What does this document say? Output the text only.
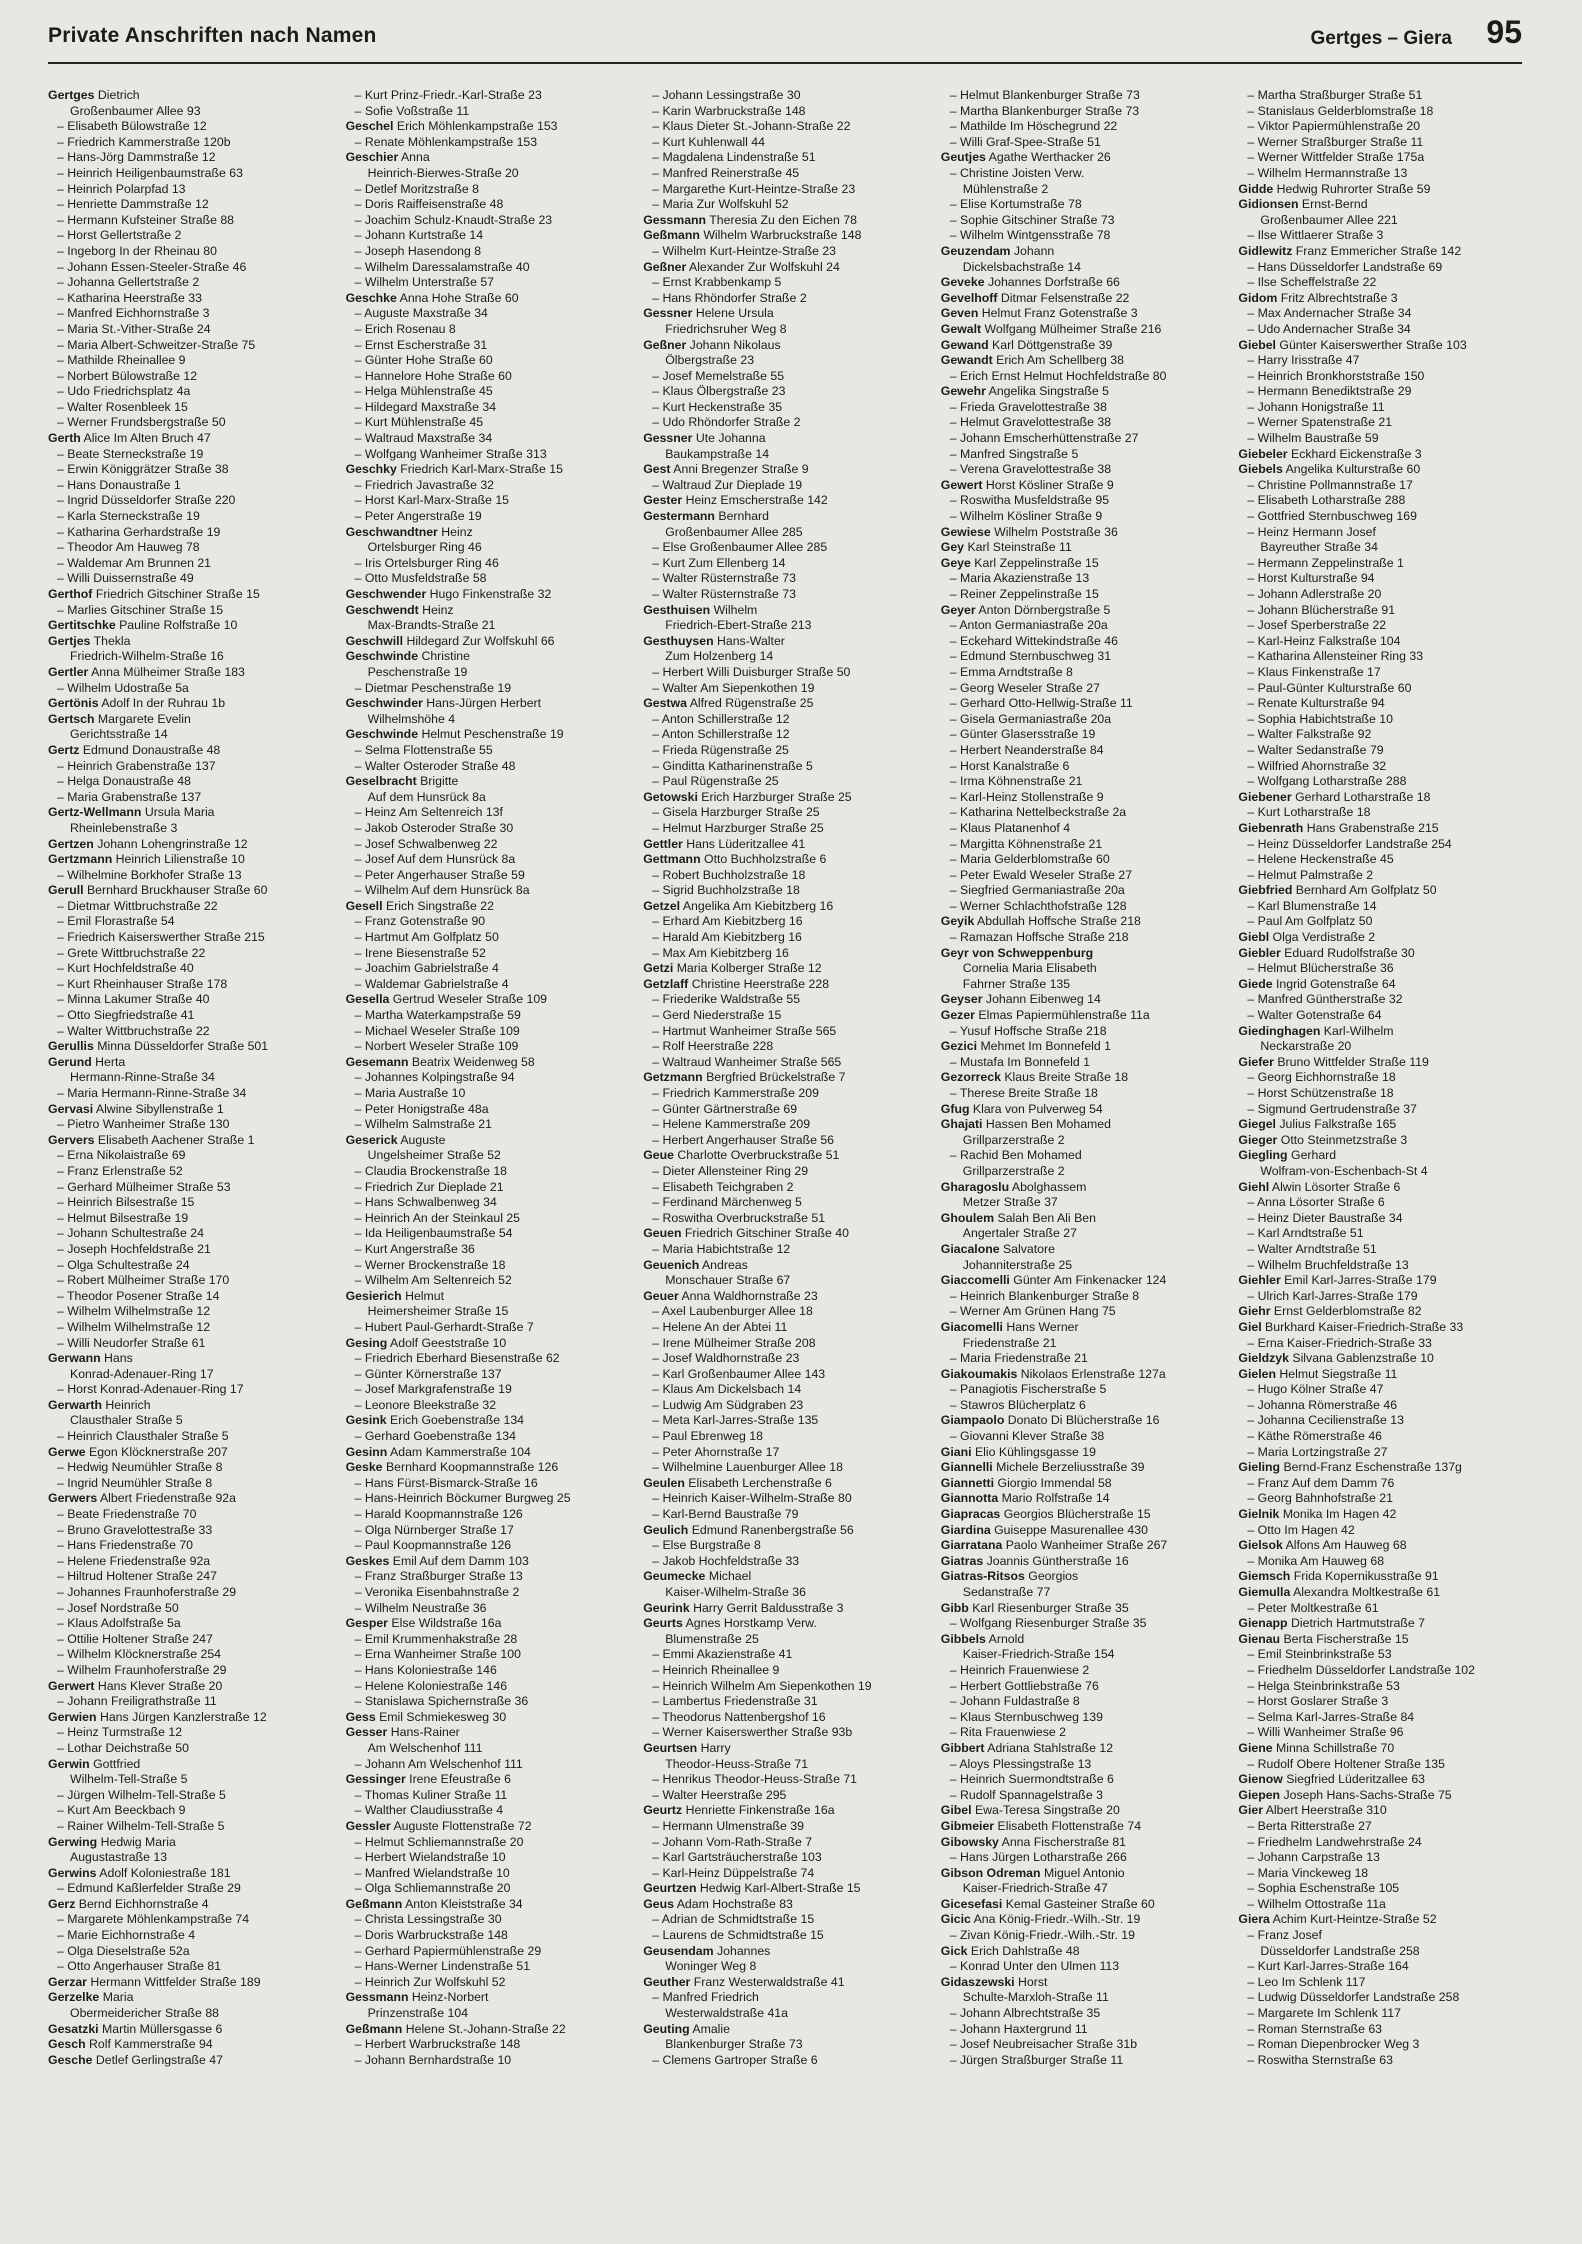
Private Anschriften nach Namen	Gertges – Giera 95
Gertges Dietrich
Großenbaumer Allee 93
– Elisabeth Bülowstraße 12
– Friedrich Kammerstraße 120b
– Hans-Jörg Dammstraße 12
– Heinrich Heiligenbaumstraße 63
– Heinrich Polarpfad 13
– Henriette Dammstraße 12
– Hermann Kufsteiner Straße 88
– Horst Gellertstraße 2
– Ingeborg In der Rheinau 80
– Johann Essen-Steeler-Straße 46
– Johanna Gellertstraße 2
– Katharina Heerstraße 33
– Manfred Eichhornstraße 3
– Maria St.-Vither-Straße 24
– Maria Albert-Schweitzer-Straße 75
– Mathilde Rheinallee 9
– Norbert Bülowstraße 12
– Udo Friedrichsplatz 4a
– Walter Rosenbleek 15
– Werner Frundsbergstraße 50
Gerth Alice Im Alten Bruch 47
– Beate Sterneckstraße 19
– Erwin Königgrätzer Straße 38
– Hans Donaustraße 1
– Ingrid Düsseldorfer Straße 220
– Karla Sterneckstraße 19
– Katharina Gerhardstraße 19
– Theodor Am Hauweg 78
– Waldemar Am Brunnen 21
– Willi Duissernstraße 49
Gerthof Friedrich Gitschiner Straße 15
– Marlies Gitschiner Straße 15
Gertitschke Pauline Rolfstraße 10
Gertjes Thekla
Friedrich-Wilhelm-Straße 16
Gertler Anna Mülheimer Straße 183
– Wilhelm Udostraße 5a
Gertönis Adolf In der Ruhrau 1b
Gertsch Margarete Evelin
Gerichtsstraße 14
Gertz Edmund Donaustraße 48
– Heinrich Grabenstraße 137
– Helga Donaustraße 48
– Maria Grabenstraße 137
Gertz-Wellmann Ursula Maria
Rheinlebenstraße 3
Gertzen Johann Lohengrinstraße 12
Gertzmann Heinrich Lilienstraße 10
– Wilhelmine Borkhofer Straße 13
Gerull Bernhard Bruckhauser Straße 60
– Dietmar Wittbruchstraße 22
– Emil Florastraße 54
– Friedrich Kaiserswerther Straße 215
– Grete Wittbruchstraße 22
– Kurt Hochfeldstraße 40
– Kurt Rheinhauser Straße 178
– Minna Lakumer Straße 40
– Otto Siegfriedstraße 41
– Walter Wittbruchstraße 22
Gerullis Minna Düsseldorfer Straße 501
Gerund Herta
Hermann-Rinne-Straße 34
– Maria Hermann-Rinne-Straße 34
Gervasi Alwine Sibyllenstraße 1
– Pietro Wanheimer Straße 130
Gervers Elisabeth Aachener Straße 1
– Erna Nikolaistraße 69
– Franz Erlenstraße 52
– Gerhard Mülheimer Straße 53
– Heinrich Bilsestraße 15
– Helmut Bilsestraße 19
– Johann Schultestraße 24
– Joseph Hochfeldstraße 21
– Olga Schultestraße 24
– Robert Mülheimer Straße 170
– Theodor Posener Straße 14
– Wilhelm Wilhelmstraße 12
– Wilhelm Wilhelmstraße 12
– Willi Neudorfer Straße 61
Gerwann Hans
Konrad-Adenauer-Ring 17
– Horst Konrad-Adenauer-Ring 17
Gerwarth Heinrich
Clausthaler Straße 5
– Heinrich Clausthaler Straße 5
Gerwe Egon Klöcknerstraße 207
– Hedwig Neumühler Straße 8
– Ingrid Neumühler Straße 8
Gerwers Albert Friedenstraße 92a
– Beate Friedenstraße 70
– Bruno Gravelottestraße 33
– Hans Friedenstraße 70
– Helene Friedenstraße 92a
– Hiltrud Holtener Straße 247
– Johannes Fraunhoferstraße 29
– Josef Nordstraße 50
– Klaus Adolfstraße 5a
– Ottilie Holtener Straße 247
– Wilhelm Klöcknerstraße 254
– Wilhelm Fraunhoferstraße 29
Gerwert Hans Klever Straße 20
– Johann Freiligrathstraße 11
Gerwien Hans Jürgen Kanzlerstraße 12
– Heinz Turmstraße 12
– Lothar Deichstraße 50
Gerwin Gottfried
Wilhelm-Tell-Straße 5
– Jürgen Wilhelm-Tell-Straße 5
– Kurt Am Beeckbach 9
– Rainer Wilhelm-Tell-Straße 5
Gerwing Hedwig Maria
Augustastraße 13
Gerwins Adolf Koloniestraße 181
– Edmund Kaßlerfelder Straße 29
Gerz Bernd Eichhornstraße 4
– Margarete Möhlenkampstraße 74
– Marie Eichhornstraße 4
– Olga Dieselstraße 52a
– Otto Angerhauser Straße 81
Gerzar Hermann Wittfelder Straße 189
Gerzelke Maria
Obermeidericher Straße 88
Gesatzki Martin Müllersgasse 6
Gesch Rolf Kammerstraße 94
Gesche Detlef Gerlingstraße 47
– Kurt Prinz-Friedr.-Karl-Straße 23
– Sofie Voßstraße 11
Geschel Erich Möhlenkampstraße 153
– Renate Möhlenkampstraße 153
Geschier Anna
Heinrich-Bierwes-Straße 20
– Detlef Moritzstraße 8
– Doris Raiffeisenstraße 48
– Joachim Schulz-Knaudt-Straße 23
– Johann Kurtstraße 14
– Joseph Hasendong 8
– Wilhelm Daressalamstraße 40
– Wilhelm Unterstraße 57
Geschke Anna Hohe Straße 60
– Auguste Maxstraße 34
– Erich Rosenau 8
– Ernst Escherstraße 31
– Günter Hohe Straße 60
– Hannelore Hohe Straße 60
– Helga Mühlenstraße 45
– Hildegard Maxstraße 34
– Kurt Mühlenstraße 45
– Waltraud Maxstraße 34
– Wolfgang Wanheimer Straße 313
Geschky Friedrich Karl-Marx-Straße 15
– Friedrich Javastraße 32
– Horst Karl-Marx-Straße 15
– Peter Angerstraße 19
Geschwandtner Heinz
Ortelsburger Ring 46
– Iris Ortelsburger Ring 46
– Otto Musfeldstraße 58
Geschwender Hugo Finkenstraße 32
Geschwendt Heinz
Max-Brandts-Straße 21
Geschwill Hildegard Zur Wolfskuhl 66
Geschwinde Christine
Peschenstraße 19
– Dietmar Peschenstraße 19
Geschwinder Hans-Jürgen Herbert
Wilhelmshöhe 4
Geschwinde Helmut Peschenstraße 19
– Selma Flottenstraße 55
– Walter Osteroder Straße 48
Geselbracht Brigitte
Auf dem Hunsrück 8a
– Heinz Am Seltenreich 13f
– Jakob Osteroder Straße 30
– Josef Schwalbenweg 22
– Josef Auf dem Hunsrück 8a
– Peter Angerhauser Straße 59
– Wilhelm Auf dem Hunsrück 8a
Gesell Erich Singstraße 22
– Franz Gotenstraße 90
– Hartmut Am Golfplatz 50
– Irene Biesenstraße 52
– Joachim Gabrielstraße 4
– Waldemar Gabrielstraße 4
Gesella Gertrud Weseler Straße 109
– Martha Waterkampstraße 59
– Michael Weseler Straße 109
– Norbert Weseler Straße 109
Gesemann Beatrix Weidenweg 58
– Johannes Kolpingstraße 94
– Maria Austraße 10
– Peter Honigstraße 48a
– Wilhelm Salmstraße 21
Geserick Auguste
Ungelsheimer Straße 52
– Claudia Brockenstraße 18
– Friedrich Zur Dieplade 21
– Hans Schwalbenweg 34
– Heinrich An der Steinkaul 25
– Ida Heiligenbaumstraße 54
– Kurt Angerstraße 36
– Werner Brockenstraße 18
– Wilhelm Am Seltenreich 52
Gesierich Helmut
Heimersheimer Straße 15
– Hubert Paul-Gerhardt-Straße 7
Gesing Adolf Geeststraße 10
– Friedrich Eberhard Biesenstraße 62
– Günter Körnerstraße 137
– Josef Markgrafenstraße 19
– Leonore Bleekstraße 32
Gesink Erich Goebenstraße 134
– Gerhard Goebenstraße 134
Gesinn Adam Kammerstraße 104
Geske Bernhard Koopmannstraße 126
– Hans Fürst-Bismarck-Straße 16
– Hans-Heinrich Böckumer Burgweg 25
– Harald Koopmannstraße 126
– Olga Nürnberger Straße 17
– Paul Koopmannstraße 126
Geskes Emil Auf dem Damm 103
– Franz Straßburger Straße 13
– Veronika Eisenbahnstraße 2
– Wilhelm Neustraße 36
Gesper Else Wildstraße 16a
– Emil Krummenhakstraße 28
– Erna Wanheimer Straße 100
– Hans Koloniestraße 146
– Helene Koloniestraße 146
– Stanislawa Spichernstraße 36
Gess Emil Schmiekesweg 30
Gesser Hans-Rainer
Am Welschenhof 111
– Johann Am Welschenhof 111
Gessinger Irene Efeustraße 6
– Thomas Kuliner Straße 11
– Walther Claudiusstraße 4
Gessler Auguste Flottenstraße 72
– Helmut Schliemannstraße 20
– Herbert Wielandstraße 10
– Manfred Wielandstraße 10
– Olga Schliemannstraße 20
Geßmann Anton Kleiststraße 34
– Christa Lessingstraße 30
– Doris Warbruckstraße 148
– Gerhard Papiermühlenstraße 29
– Hans-Werner Lindenstraße 51
– Heinrich Zur Wolfskuhl 52
Gessmann Heinz-Norbert
Prinzenstraße 104
Geßmann Helene St.-Johann-Straße 22
– Herbert Warbruckstraße 148
– Johann Bernhardstraße 10
– Johann Lessingstraße 30
– Karin Warbruckstraße 148
– Klaus Dieter St.-Johann-Straße 22
– Kurt Kuhlenwall 44
– Magdalena Lindenstraße 51
– Manfred Reinerstraße 45
– Margarethe Kurt-Heintze-Straße 23
– Maria Zur Wolfskuhl 52
Gessmann Theresia Zu den Eichen 78
Geßmann Wilhelm Warbruckstraße 148
– Wilhelm Kurt-Heintze-Straße 23
Geßner Alexander Zur Wolfskuhl 24
– Ernst Krabbenkamp 5
– Hans Rhöndorfer Straße 2
Gessner Helene Ursula
Friedrichsruher Weg 8
Geßner Johann Nikolaus
Ölbergstraße 23
– Josef Memelstraße 55
– Klaus Ölbergstraße 23
– Kurt Heckenstraße 35
– Udo Rhöndorfer Straße 2
Gessner Ute Johanna
Baukampstraße 14
Gest Anni Bregenzer Straße 9
– Waltraud Zur Dieplade 19
Gester Heinz Emscherstraße 142
Gestermann Bernhard
Großenbaumer Allee 285
– Else Großenbaumer Allee 285
– Kurt Zum Ellenberg 14
– Walter Rüsternstraße 73
– Walter Rüsternstraße 73
Gesthuisen Wilhelm
Friedrich-Ebert-Straße 213
Gesthuysen Hans-Walter
Zum Holzenberg 14
– Herbert Willi Duisburger Straße 50
– Walter Am Siepenkothen 19
Gestwa Alfred Rügenstraße 25
– Anton Schillerstraße 12
– Anton Schillerstraße 12
– Frieda Rügenstraße 25
– Ginditta Katharinenstraße 5
– Paul Rügenstraße 25
Getowski Erich Harzburger Straße 25
– Gisela Harzburger Straße 25
– Helmut Harzburger Straße 25
Gettler Hans Lüderitzallee 41
Gettmann Otto Buchholzstraße 6
– Robert Buchholzstraße 18
– Sigrid Buchholzstraße 18
Getzel Angelika Am Kiebitzberg 16
– Erhard Am Kiebitzberg 16
– Harald Am Kiebitzberg 16
– Max Am Kiebitzberg 16
Getzi Maria Kolberger Straße 12
Getzlaff Christine Heerstraße 228
– Friederike Waldstraße 55
– Gerd Niederstraße 15
– Hartmut Wanheimer Straße 565
– Rolf Heerstraße 228
– Waltraud Wanheimer Straße 565
Getzmann Bergfried Brückelstraße 7
– Friedrich Kammerstraße 209
– Günter Gärtnerstraße 69
– Helene Kammerstraße 209
– Herbert Angerhauser Straße 56
Geue Charlotte Overbruckstraße 51
– Dieter Allensteiner Ring 29
– Elisabeth Teichgraben 2
– Ferdinand Märchenweg 5
– Roswitha Overbruckstraße 51
Geuen Friedrich Gitschiner Straße 40
– Maria Habichtstraße 12
Geuenich Andreas
Monschauer Straße 67
Geuer Anna Waldhornstraße 23
– Axel Laubenburger Allee 18
– Helene An der Abtei 11
– Irene Mülheimer Straße 208
– Josef Waldhornstraße 23
– Karl Großenbaumer Allee 143
– Klaus Am Dickelsbach 14
– Ludwig Am Südgraben 23
– Meta Karl-Jarres-Straße 135
– Paul Ebrenweg 18
– Peter Ahornstraße 17
– Wilhelmine Lauenburger Allee 18
Geulen Elisabeth Lerchenstraße 6
– Heinrich Kaiser-Wilhelm-Straße 80
– Karl-Bernd Baustraße 79
Geulich Edmund Ranenbergstraße 56
– Else Burgstraße 8
– Jakob Hochfeldstraße 33
Geumecke Michael
Kaiser-Wilhelm-Straße 36
Geurink Harry Gerrit Baldusstraße 3
Geurts Agnes Horstkamp Verw.
Blumenstraße 25
– Emmi Akazienstraße 41
– Heinrich Rheinallee 9
– Heinrich Wilhelm Am Siepenkothen 19
– Lambertus Friedenstraße 31
– Theodorus Nattenbergshof 16
– Werner Kaiserswerther Straße 93b
Geurtsen Harry
Theodor-Heuss-Straße 71
– Henrikus Theodor-Heuss-Straße 71
– Walter Heerstraße 295
Geurtz Henriette Finkenstraße 16a
– Hermann Ulmenstraße 39
– Johann Vom-Rath-Straße 7
– Karl Gartsträucherstraße 103
– Karl-Heinz Düppelstraße 74
Geurtzen Hedwig Karl-Albert-Straße 15
Geus Adam Hochstraße 83
– Adrian de Schmidtstraße 15
– Laurens de Schmidtstraße 15
Geusendam Johannes
Woninger Weg 8
Geuther Franz Westerwaldstraße 41
– Manfred Friedrich
Westerwaldstraße 41a
Geuting Amalie
Blankenburger Straße 73
– Clemens Gartroper Straße 6
– Helmut Blankenburger Straße 73
– Martha Blankenburger Straße 73
– Mathilde Im Höschegrund 22
– Willi Graf-Spee-Straße 51
Geutjes Agathe Werthacker 26
– Christine Joisten Verw.
Mühlenstraße 2
– Elise Kortumstraße 78
– Sophie Gitschiner Straße 73
– Wilhelm Wintgensstraße 78
Geuzendam Johann
Dickelsbachstraße 14
Geveke Johannes Dorfstraße 66
Gevelhoff Ditmar Felsenstraße 22
Geven Helmut Franz Gotenstraße 3
Gewalt Wolfgang Mülheimer Straße 216
Gewand Karl Döttgenstraße 39
Gewandt Erich Am Schellberg 38
– Erich Ernst Helmut Hochfeldstraße 80
Gewehr Angelika Singstraße 5
– Frieda Gravelottestraße 38
– Helmut Gravelottestraße 38
– Johann Emscherhüttenstraße 27
– Manfred Singstraße 5
– Verena Gravelottestraße 38
Gewert Horst Kösliner Straße 9
– Roswitha Musfeldstraße 95
– Wilhelm Kösliner Straße 9
Gewiese Wilhelm Poststraße 36
Gey Karl Steinstraße 11
Geye Karl Zeppelinstraße 15
– Maria Akazienstraße 13
– Reiner Zeppelinstraße 15
Geyer Anton Dörnbergstraße 5
– Anton Germaniastraße 20a
– Eckehard Wittekindstraße 46
– Edmund Sternbuschweg 31
– Emma Arndtstraße 8
– Georg Weseler Straße 27
– Gerhard Otto-Hellwig-Straße 11
– Gisela Germaniastraße 20a
– Günter Glasersstraße 19
– Herbert Neanderstraße 84
– Horst Kanalstraße 6
– Irma Köhnenstraße 21
– Karl-Heinz Stollenstraße 9
– Katharina Nettelbeckstraße 2a
– Klaus Platanenhof 4
– Margitta Köhnenstraße 21
– Maria Gelderblomstraße 60
– Peter Ewald Weseler Straße 27
– Siegfried Germaniastraße 20a
– Werner Schlachthofstraße 128
Geyik Abdullah Hoffsche Straße 218
– Ramazan Hoffsche Straße 218
Geyr von Schweppenburg
Cornelia Maria Elisabeth
Fahrner Straße 135
Geyser Johann Eibenweg 14
Gezer Elmas Papiermühlenstraße 11a
– Yusuf Hoffsche Straße 218
Gezici Mehmet Im Bonnefeld 1
– Mustafa Im Bonnefeld 1
Gezorreck Klaus Breite Straße 18
– Therese Breite Straße 18
Gfug Klara von Pulverweg 54
Ghajati Hassen Ben Mohamed
Grillparzerstraße 2
– Rachid Ben Mohamed
Grillparzerstraße 2
Gharagoslu Abolghassem
Metzer Straße 37
Ghoulem Salah Ben Ali Ben
Angertaler Straße 27
Giacalone Salvatore
Johanniterstraße 25
Giaccomelli Günter Am Finkenacker 124
– Heinrich Blankenburger Straße 8
– Werner Am Grünen Hang 75
Giacomelli Hans Werner
Friedenstraße 21
– Maria Friedenstraße 21
Giakoumakis Nikolaos Erlenstraße 127a
– Panagiotis Fischerstraße 5
– Stawros Blücherplatz 6
Giampaolo Donato Di Blücherstraße 16
– Giovanni Klever Straße 38
Giani Elio Kühlingsgasse 19
Giannelli Michele Berzeliusstraße 39
Giannetti Giorgio Immendal 58
Giannotta Mario Rolfstraße 14
Giapracas Georgios Blücherstraße 15
Giardina Guiseppe Masurenallee 430
Giarratana Paolo Wanheimer Straße 267
Giatras Joannis Güntherstraße 16
Giatras-Ritsos Georgios
Sedanstraße 77
Gibb Karl Riesenburger Straße 35
– Wolfgang Riesenburger Straße 35
Gibbels Arnold
Kaiser-Friedrich-Straße 154
– Heinrich Frauenwiese 2
– Herbert Gottliebstraße 76
– Johann Fuldastraße 8
– Klaus Sternbuschweg 139
– Rita Frauenwiese 2
Gibbert Adriana Stahlstraße 12
– Aloys Plessingstraße 13
– Heinrich Suermondtstraße 6
– Rudolf Spannagelstraße 3
Gibel Ewa-Teresa Singstraße 20
Gibmeier Elisabeth Flottenstraße 74
Gibowsky Anna Fischerstraße 81
– Hans Jürgen Lotharstraße 266
Gibson Odreman Miguel Antonio
Kaiser-Friedrich-Straße 47
Gicesefasi Kemal Gasteiner Straße 60
Gicic Ana König-Friedr.-Wilh.-Str. 19
– Zivan König-Friedr.-Wilh.-Str. 19
Gick Erich Dahlstraße 48
– Konrad Unter den Ulmen 113
Gidaszewski Horst
Schulte-Marxloh-Straße 11
– Johann Albrechtstraße 35
– Johann Haxtergrund 11
– Josef Neubreisacher Straße 31b
– Jürgen Straßburger Straße 11
– Martha Straßburger Straße 51
– Stanislaus Gelderblomstraße 18
– Viktor Papiermühlenstraße 20
– Werner Straßburger Straße 11
– Werner Wittfelder Straße 175a
– Wilhelm Hermannstraße 13
Gidde Hedwig Ruhrorter Straße 59
Gidionsen Ernst-Bernd
Großenbaumer Allee 221
– Ilse Wittlaerer Straße 3
Gidlewitz Franz Emmericher Straße 142
– Hans Düsseldorfer Landstraße 69
– Ilse Scheffelstraße 22
Gidom Fritz Albrechtstraße 3
– Max Andernacher Straße 34
– Udo Andernacher Straße 34
Giebel Günter Kaiserswerther Straße 103
– Harry Irisstraße 47
– Heinrich Bronkhorststraße 150
– Hermann Benediktstraße 29
– Johann Honigstraße 11
– Werner Spatenstraße 21
– Wilhelm Baustraße 59
Giebeler Eckhard Eickenstraße 3
Giebels Angelika Kulturstraße 60
– Christine Pollmannstraße 17
– Elisabeth Lotharstraße 288
– Gottfried Sternbuschweg 169
– Heinz Hermann Josef
Bayreuther Straße 34
– Hermann Zeppelinstraße 1
– Horst Kulturstraße 94
– Johann Adlerstraße 20
– Johann Blücherstraße 91
– Josef Sperberstraße 22
– Karl-Heinz Falkstraße 104
– Katharina Allensteiner Ring 33
– Klaus Finkenstraße 17
– Paul-Günter Kulturstraße 60
– Renate Kulturstraße 94
– Sophia Habichtstraße 10
– Walter Falkstraße 92
– Walter Sedanstraße 79
– Wilfried Ahornstraße 32
– Wolfgang Lotharstraße 288
Giebener Gerhard Lotharstraße 18
– Kurt Lotharstraße 18
Giebenrath Hans Grabenstraße 215
– Heinz Düsseldorfer Landstraße 254
– Helene Heckenstraße 45
– Helmut Palmstraße 2
Giebfried Bernhard Am Golfplatz 50
– Karl Blumenstraße 14
– Paul Am Golfplatz 50
Giebl Olga Verdistraße 2
Giebler Eduard Rudolfstraße 30
– Helmut Blücherstraße 36
Giede Ingrid Gotenstraße 64
– Manfred Güntherstraße 32
– Walter Gotenstraße 64
Giedinghagen Karl-Wilhelm
Neckarstraße 20
Giefer Bruno Wittfelder Straße 119
– Georg Eichhornstraße 18
– Horst Schützenstraße 18
– Sigmund Gertrudenstraße 37
Giegel Julius Falkstraße 165
Gieger Otto Steinmetzstraße 3
Giegling Gerhard
Wolfram-von-Eschenbach-St 4
Giehl Alwin Lösorter Straße 6
– Anna Lösorter Straße 6
– Heinz Dieter Baustraße 34
– Karl Arndtstraße 51
– Walter Arndtstraße 51
– Wilhelm Bruchfeldstraße 13
Giehler Emil Karl-Jarres-Straße 179
– Ulrich Karl-Jarres-Straße 179
Giehr Ernst Gelderblomstraße 82
Giel Burkhard Kaiser-Friedrich-Straße 33
– Erna Kaiser-Friedrich-Straße 33
Gieldzyk Silvana Gablenzstraße 10
Gielen Helmut Siegstraße 11
– Hugo Kölner Straße 47
– Johanna Römerstraße 46
– Johanna Cecilienstraße 13
– Käthe Römerstraße 46
– Maria Lortzingstraße 27
Gieling Bernd-Franz Eschenstraße 137g
– Franz Auf dem Damm 76
– Georg Bahnhofstraße 21
Gielnik Monika Im Hagen 42
– Otto Im Hagen 42
Gielsok Alfons Am Hauweg 68
– Monika Am Hauweg 68
Giemsch Frida Kopernikusstraße 91
Giemulla Alexandra Moltkestraße 61
– Peter Moltkestraße 61
Gienapp Dietrich Hartmutstraße 7
Gienau Berta Fischerstraße 15
– Emil Steinbrinkstraße 53
– Friedhelm Düsseldorfer Landstraße 102
– Helga Steinbrinkstraße 53
– Horst Goslarer Straße 3
– Selma Karl-Jarres-Straße 84
– Willi Wanheimer Straße 96
Giene Minna Schillstraße 70
– Rudolf Obere Holtener Straße 135
Gienow Siegfried Lüderitzallee 63
Giepen Joseph Hans-Sachs-Straße 75
Gier Albert Heerstraße 310
– Berta Ritterstraße 27
– Friedhelm Landwehrstraße 24
– Johann Carpstraße 13
– Maria Vinckeweg 18
– Sophia Eschenstraße 105
– Wilhelm Ottostraße 11a
Giera Achim Kurt-Heintze-Straße 52
– Franz Josef
Düsseldorfer Landstraße 258
– Kurt Karl-Jarres-Straße 164
– Leo Im Schlenk 117
– Ludwig Düsseldorfer Landstraße 258
– Margarete Im Schlenk 117
– Roman Sternstraße 63
– Roman Diepenbrocker Weg 3
– Roswitha Sternstraße 63
